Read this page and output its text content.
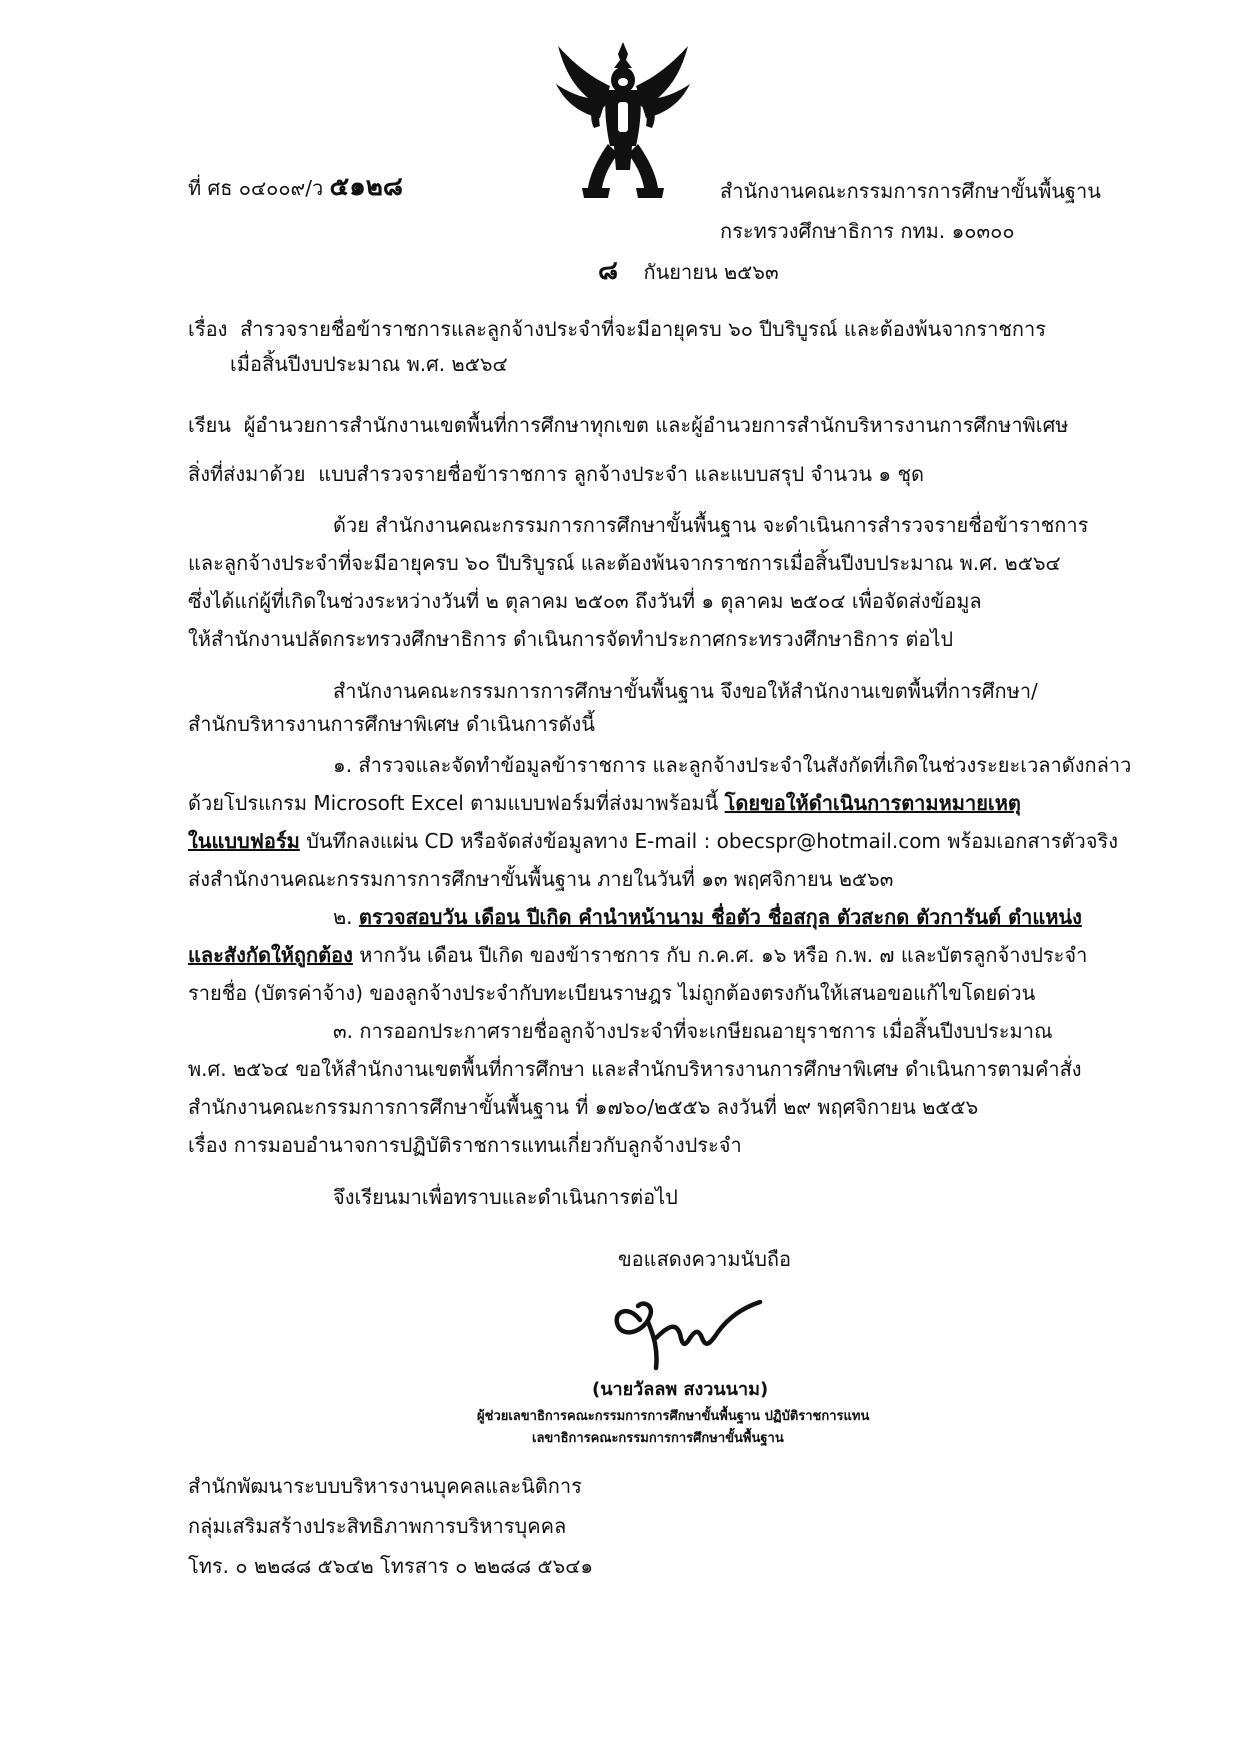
ที่ ศธ ๐๔๐๐๙/ว ๕๑๒๘	สำนักงานคณะกรรมการการศึกษาขั้นพื้นฐาน
กระทรวงศึกษาธิการ กทม. ๑๐๓๐๐
๘ กันยายน ๒๕๖๓
เรื่อง สำรวจรายชื่อข้าราชการและลูกจ้างประจำที่จะมีอายุครบ ๖๐ ปีบริบูรณ์ และต้องพ้นจากราชการ
เมื่อสิ้นปีงบประมาณ พ.ศ. ๒๕๖๔
เรียน ผู้อำนวยการสำนักงานเขตพื้นที่การศึกษาทุกเขต และผู้อำนวยการสำนักบริหารงานการศึกษาพิเศษ
สิ่งที่ส่งมาด้วย แบบสำรวจรายชื่อข้าราชการ ลูกจ้างประจำ และแบบสรุป จำนวน ๑ ชุด
ด้วย สำนักงานคณะกรรมการการศึกษาขั้นพื้นฐาน จะดำเนินการสำรวจรายชื่อข้าราชการ
และลูกจ้างประจำที่จะมีอายุครบ ๖๐ ปีบริบูรณ์ และต้องพ้นจากราชการเมื่อสิ้นปีงบประมาณ พ.ศ. ๒๕๖๔
ซึ่งได้แก่ผู้ที่เกิดในช่วงระหว่างวันที่ ๒ ตุลาคม ๒๕๐๓ ถึงวันที่ ๑ ตุลาคม ๒๕๐๔ เพื่อจัดส่งข้อมูล
ให้สำนักงานปลัดกระทรวงศึกษาธิการ ดำเนินการจัดทำประกาศกระทรวงศึกษาธิการ ต่อไป
สำนักงานคณะกรรมการการศึกษาขั้นพื้นฐาน จึงขอให้สำนักงานเขตพื้นที่การศึกษา/
สำนักบริหารงานการศึกษาพิเศษ ดำเนินการดังนี้
๑. สำรวจและจัดทำข้อมูลข้าราชการ และลูกจ้างประจำในสังกัดที่เกิดในช่วงระยะเวลาดังกล่าว
ด้วยโปรแกรม Microsoft Excel ตามแบบฟอร์มที่ส่งมาพร้อมนี้ โดยขอให้ดำเนินการตามหมายเหตุ
ในแบบฟอร์ม บันทึกลงแผ่น CD หรือจัดส่งข้อมูลทาง E-mail : obecspr@hotmail.com พร้อมเอกสารตัวจริง
ส่งสำนักงานคณะกรรมการการศึกษาขั้นพื้นฐาน ภายในวันที่ ๑๓ พฤศจิกายน ๒๕๖๓
๒. ตรวจสอบวัน เดือน ปีเกิด คำนำหน้านาม ชื่อตัว ชื่อสกุล ตัวสะกด ตัวการันต์ ตำแหน่ง
และสังกัดให้ถูกต้อง หากวัน เดือน ปีเกิด ของข้าราชการ กับ ก.ค.ศ. ๑๖ หรือ ก.พ. ๗ และบัตรลูกจ้างประจำ
รายชื่อ (บัตรค่าจ้าง) ของลูกจ้างประจำกับทะเบียนราษฎร ไม่ถูกต้องตรงกันให้เสนอขอแก้ไขโดยด่วน
๓. การออกประกาศรายชื่อลูกจ้างประจำที่จะเกษียณอายุราชการ เมื่อสิ้นปีงบประมาณ
พ.ศ. ๒๕๖๔ ขอให้สำนักงานเขตพื้นที่การศึกษา และสำนักบริหารงานการศึกษาพิเศษ ดำเนินการตามคำสั่ง
สำนักงานคณะกรรมการการศึกษาขั้นพื้นฐาน ที่ ๑๗๖๐/๒๕๕๖ ลงวันที่ ๒๙ พฤศจิกายน ๒๕๕๖
เรื่อง การมอบอำนาจการปฏิบัติราชการแทนเกี่ยวกับลูกจ้างประจำ
จึงเรียนมาเพื่อทราบและดำเนินการต่อไป
ขอแสดงความนับถือ
(นายวัลลพ สงวนนาม)
ผู้ช่วยเลขาธิการคณะกรรมการการศึกษาขั้นพื้นฐาน ปฏิบัติราชการแทน
เลขาธิการคณะกรรมการการศึกษาขั้นพื้นฐาน
สำนักพัฒนาระบบบริหารงานบุคคลและนิติการ
กลุ่มเสริมสร้างประสิทธิภาพการบริหารบุคคล
โทร. ๐ ๒๒๘๘ ๕๖๔๒ โทรสาร ๐ ๒๒๘๘ ๕๖๔๑
